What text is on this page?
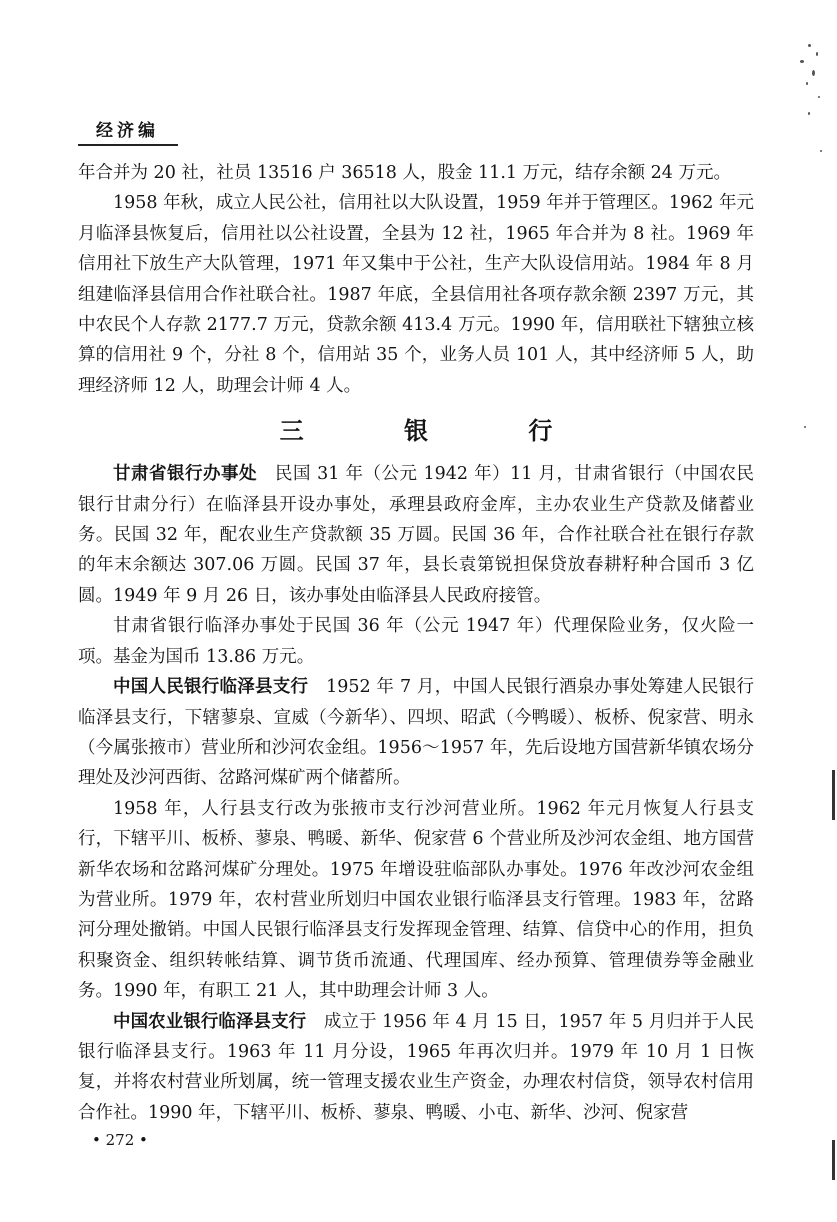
经济编

年合并为 20 社，社员 13516 户 36518 人，股金 11.1 万元，结存余额 24 万元。

1958 年秋，成立人民公社，信用社以大队设置，1959 年并于管理区。1962 年元月临泽县恢复后，信用社以公社设置，全县为 12 社，1965 年合并为 8 社。1969 年信用社下放生产大队管理，1971 年又集中于公社，生产大队设信用站。1984 年 8 月组建临泽县信用合作社联合社。1987 年底，全县信用社各项存款余额 2397 万元，其中农民个人存款 2177.7 万元，贷款余额 413.4 万元。1990 年，信用联社下辖独立核算的信用社 9 个，分社 8 个，信用站 35 个，业务人员 101 人，其中经济师 5 人，助理经济师 12 人，助理会计师 4 人。

三 银 行

甘肃省银行办事处　 民国 31 年（公元 1942 年）11 月，甘肃省银行（中国农民银行甘肃分行）在临泽县开设办事处，承理县政府金库，主办农业生产贷款及储蓄业务。民国 32 年，配农业生产贷款额 35 万圆。民国 36 年，合作社联合社在银行存款的年末余额达 307.06 万圆。民国 37 年，县长袁第锐担保贷放春耕籽种合国币 3 亿圆。1949 年 9 月 26 日，该办事处由临泽县人民政府接管。

甘肃省银行临泽办事处于民国 36 年（公元 1947 年）代理保险业务，仅火险一项。基金为国币 13.86 万元。

中国人民银行临泽县支行　 1952 年 7 月，中国人民银行酒泉办事处筹建人民银行临泽县支行，下辖蓼泉、宣威（今新华）、四坝、昭武（今鸭暖）、板桥、倪家营、明永（今属张掖市）营业所和沙河农金组。1956～1957 年，先后设地方国营新华镇农场分理处及沙河西街、岔路河煤矿两个储蓄所。

1958 年，人行县支行改为张掖市支行沙河营业所。1962 年元月恢复人行县支行，下辖平川、板桥、蓼泉、鸭暖、新华、倪家营 6 个营业所及沙河农金组、地方国营新华农场和岔路河煤矿分理处。1975 年增设驻临部队办事处。1976 年改沙河农金组为营业所。1979 年，农村营业所划归中国农业银行临泽县支行管理。1983 年，岔路河分理处撤销。中国人民银行临泽县支行发挥现金管理、结算、信贷中心的作用，担负积聚资金、组织转帐结算、调节货币流通、代理国库、经办预算、管理债券等金融业务。1990 年，有职工 21 人，其中助理会计师 3 人。

中国农业银行临泽县支行　 成立于 1956 年 4 月 15 日，1957 年 5 月归并于人民银行临泽县支行。1963 年 11 月分设，1965 年再次归并。1979 年 10 月 1 日恢复，并将农村营业所划属，统一管理支援农业生产资金，办理农村信贷，领导农村信用合作社。1990 年，下辖平川、板桥、蓼泉、鸭暖、小屯、新华、沙河、倪家营

• 272 •
